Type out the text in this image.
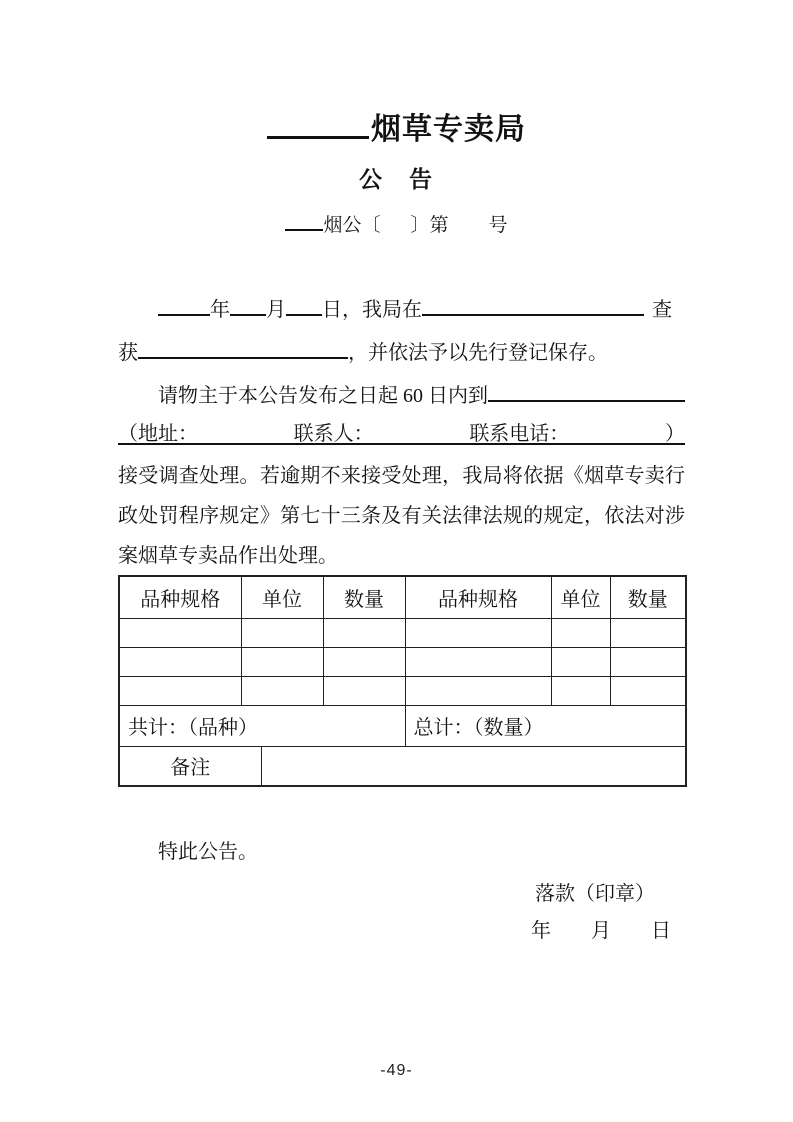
烟草专卖局
公　告
烟公〔 〕第 号
年 月 日，我局在	查
获	，并依法予以先行登记保存。
请物主于本公告发布之日起 60 日内到
（地址：	联系人：	联系电话：	）
接受调查处理。若逾期不来接受处理，我局将依据《烟草专卖行
政处罚程序规定》第七十三条及有关法律法规的规定，依法对涉
案烟草专卖品作出处理。
品种规格	单位		数量	品种规格	单位	数量

共计：（品种）				总计：（数量）		
备注						
特此公告。
落款（印章）
年　　月　　日
-49-
